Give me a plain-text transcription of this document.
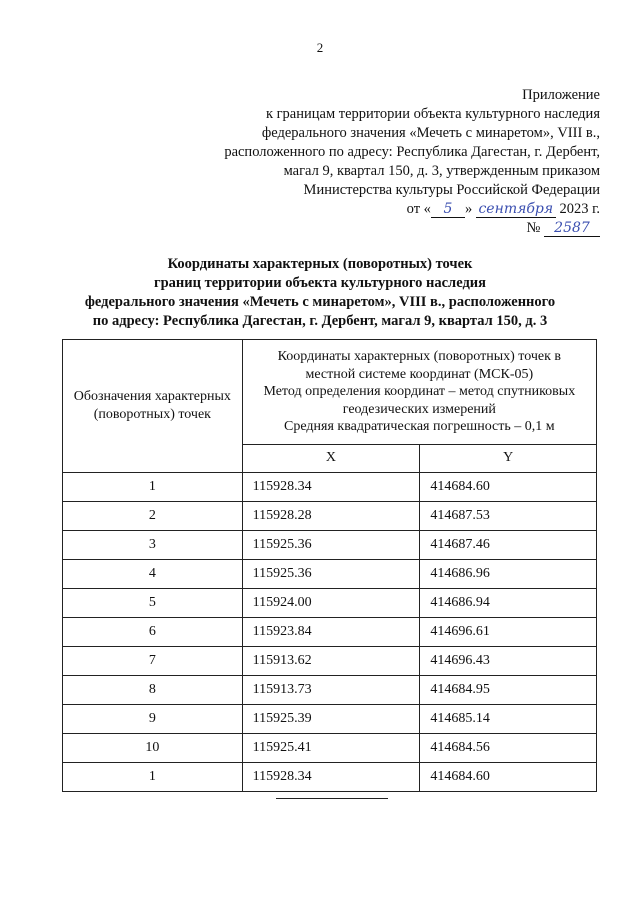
2
Приложение
к границам территории объекта культурного наследия
федерального значения «Мечеть с минаретом», VIII в.,
расположенного по адресу: Республика Дагестан, г. Дербент,
магал 9, квартал 150, д. 3, утвержденным приказом
Министерства культуры Российской Федерации
от « 5 » сентября 2023 г.
№ 2587
Координаты характерных (поворотных) точек
границ территории объекта культурного наследия
федерального значения «Мечеть с минаретом», VIII в., расположенного
по адресу: Республика Дагестан, г. Дербент, магал 9, квартал 150, д. 3
Обозначения характерных (поворотных) точек	Координаты характерных (поворотных) точек в
местной системе координат (МСК-05)
Метод определения координат – метод спутниковых
геодезических измерений
Средняя квадратическая погрешность – 0,1 м	

	X	Y
1	115928.34	414684.60
2	115928.28	414687.53
3	115925.36	414687.46
4	115925.36	414686.96
5	115924.00	414686.94
6	115923.84	414696.61
7	115913.62	414696.43
8	115913.73	414684.95
9	115925.39	414685.14
10	115925.41	414684.56
1	115928.34	414684.60
